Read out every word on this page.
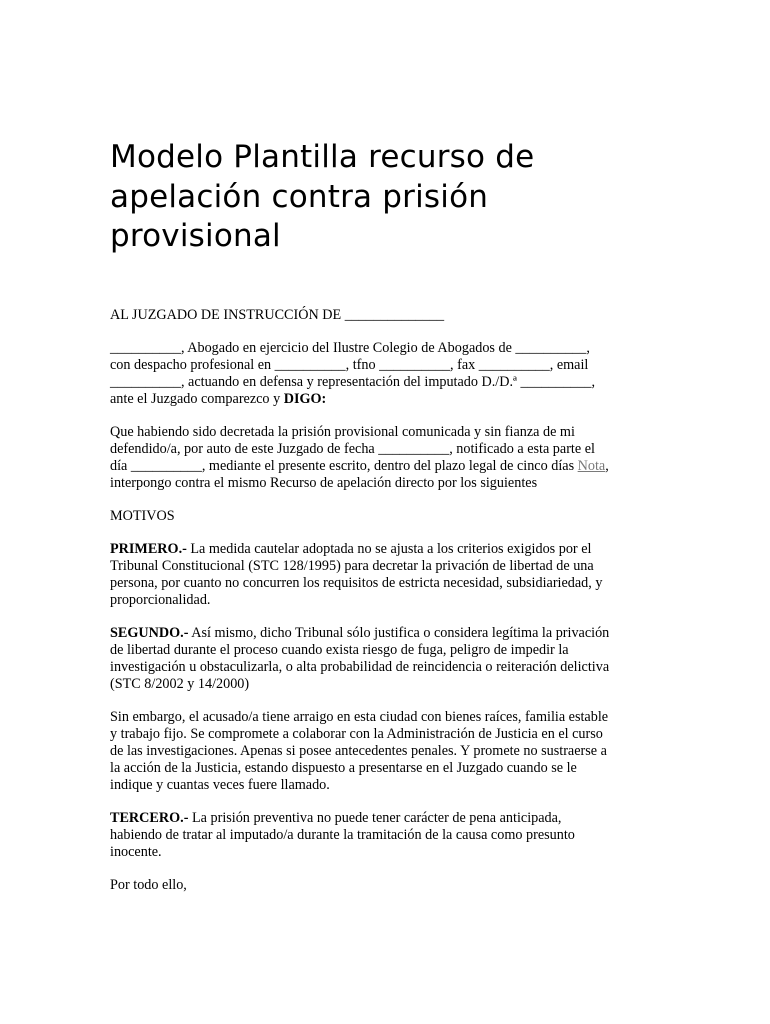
Modelo Plantilla recurso de
apelación contra prisión
provisional

AL JUZGADO DE INSTRUCCIÓN DE ______________

__________, Abogado en ejercicio del Ilustre Colegio de Abogados de __________,
con despacho profesional en __________, tfno __________, fax __________, email
__________, actuando en defensa y representación del imputado D./D.ª __________,
ante el Juzgado comparezco y DIGO:

Que habiendo sido decretada la prisión provisional comunicada y sin fianza de mi
defendido/a, por auto de este Juzgado de fecha __________, notificado a esta parte el
día __________, mediante el presente escrito, dentro del plazo legal de cinco días Nota,
interpongo contra el mismo Recurso de apelación directo por los siguientes

MOTIVOS

PRIMERO.- La medida cautelar adoptada no se ajusta a los criterios exigidos por el
Tribunal Constitucional (STC 128/1995) para decretar la privación de libertad de una
persona, por cuanto no concurren los requisitos de estricta necesidad, subsidiariedad, y
proporcionalidad.

SEGUNDO.- Así mismo, dicho Tribunal sólo justifica o considera legítima la privación
de libertad durante el proceso cuando exista riesgo de fuga, peligro de impedir la
investigación u obstaculizarla, o alta probabilidad de reincidencia o reiteración delictiva
(STC 8/2002 y 14/2000)

Sin embargo, el acusado/a tiene arraigo en esta ciudad con bienes raíces, familia estable
y trabajo fijo. Se compromete a colaborar con la Administración de Justicia en el curso
de las investigaciones. Apenas si posee antecedentes penales. Y promete no sustraerse a
la acción de la Justicia, estando dispuesto a presentarse en el Juzgado cuando se le
indique y cuantas veces fuere llamado.

TERCERO.- La prisión preventiva no puede tener carácter de pena anticipada,
habiendo de tratar al imputado/a durante la tramitación de la causa como presunto
inocente.

Por todo ello,
